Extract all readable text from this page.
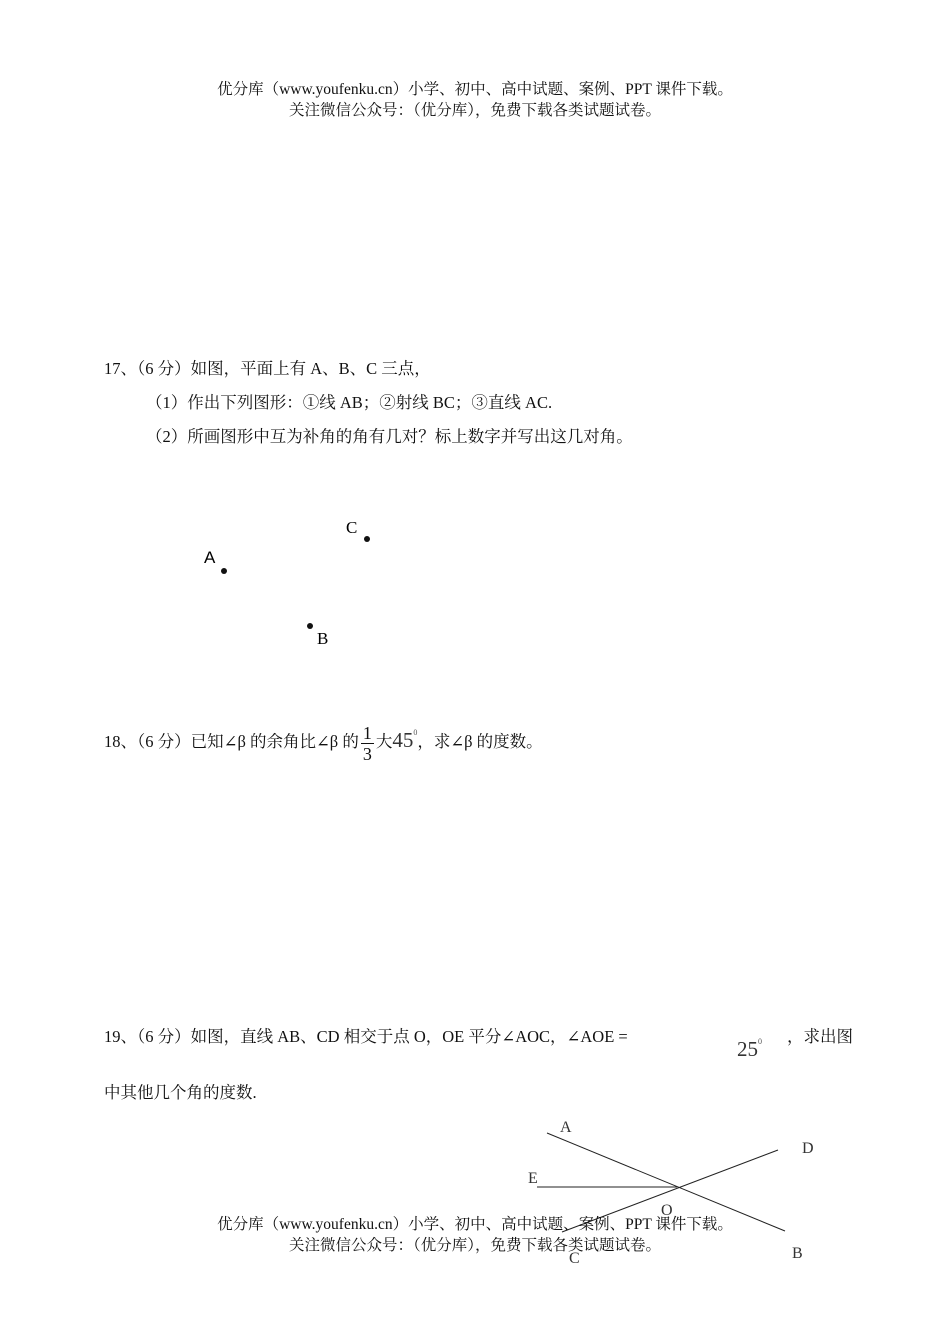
优分库（www.youfenku.cn）小学、初中、高中试题、案例、PPT 课件下载。
关注微信公众号：（优分库），免费下载各类试题试卷。
17、（6 分）如图，平面上有 A、B、C 三点，
（1）作出下列图形：①线 AB；②射线 BC；③直线 AC.
（2）所画图形中互为补角的角有几对？标上数字并写出这几对角。
A
C
B
18、（6 分）已知∠β 的余角比∠β 的 $\frac{1}{3}$ 大$45^0$，求∠β 的度数。
19、（6 分）如图，直线 AB、CD 相交于点 O，OE 平分∠AOC，∠AOE =
$25^0$ ，求出图
中其他几个角的度数.
A
D
E
O
B
C
优分库（www.youfenku.cn）小学、初中、高中试题、案例、PPT 课件下载。
关注微信公众号：（优分库），免费下载各类试题试卷。
